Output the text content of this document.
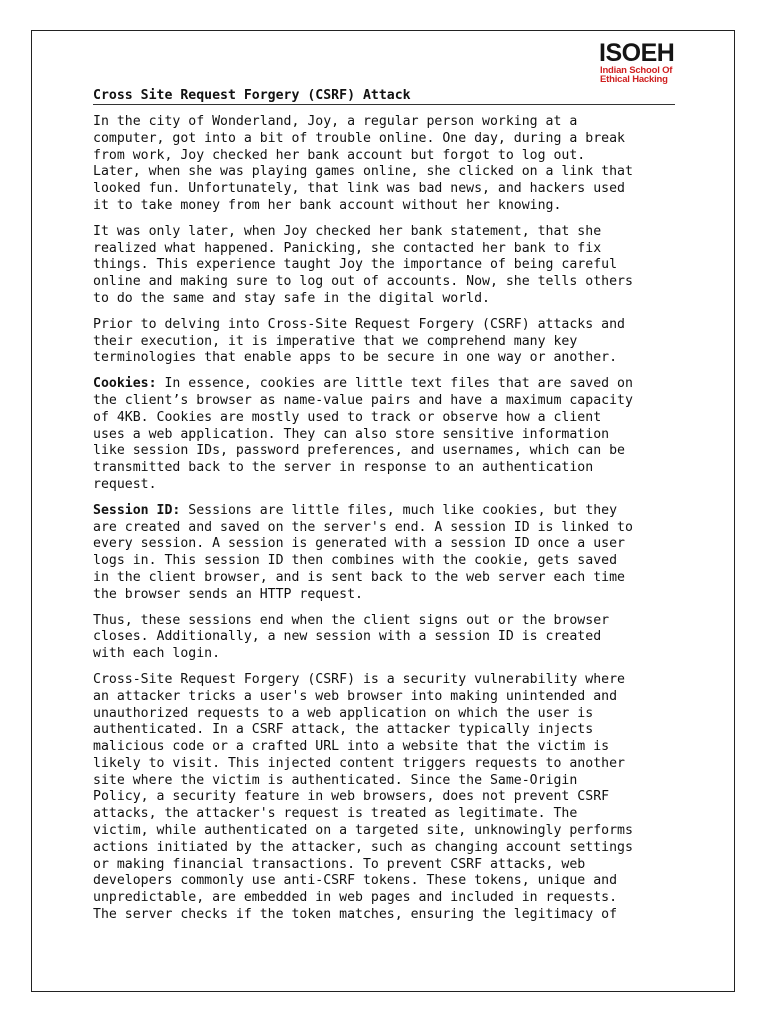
ISOEH
Indian School Of
Ethical Hacking
Cross Site Request Forgery (CSRF) Attack

In the city of Wonderland, Joy, a regular person working at a
computer, got into a bit of trouble online. One day, during a break
from work, Joy checked her bank account but forgot to log out.
Later, when she was playing games online, she clicked on a link that
looked fun. Unfortunately, that link was bad news, and hackers used
it to take money from her bank account without her knowing.

It was only later, when Joy checked her bank statement, that she
realized what happened. Panicking, she contacted her bank to fix
things. This experience taught Joy the importance of being careful
online and making sure to log out of accounts. Now, she tells others
to do the same and stay safe in the digital world.

Prior to delving into Cross-Site Request Forgery (CSRF) attacks and
their execution, it is imperative that we comprehend many key
terminologies that enable apps to be secure in one way or another.

Cookies: In essence, cookies are little text files that are saved on
the client’s browser as name-value pairs and have a maximum capacity
of 4KB. Cookies are mostly used to track or observe how a client
uses a web application. They can also store sensitive information
like session IDs, password preferences, and usernames, which can be
transmitted back to the server in response to an authentication
request.

Session ID: Sessions are little files, much like cookies, but they
are created and saved on the server's end. A session ID is linked to
every session. A session is generated with a session ID once a user
logs in. This session ID then combines with the cookie, gets saved
in the client browser, and is sent back to the web server each time
the browser sends an HTTP request.

Thus, these sessions end when the client signs out or the browser
closes. Additionally, a new session with a session ID is created
with each login.

Cross-Site Request Forgery (CSRF) is a security vulnerability where
an attacker tricks a user's web browser into making unintended and
unauthorized requests to a web application on which the user is
authenticated. In a CSRF attack, the attacker typically injects
malicious code or a crafted URL into a website that the victim is
likely to visit. This injected content triggers requests to another
site where the victim is authenticated. Since the Same-Origin
Policy, a security feature in web browsers, does not prevent CSRF
attacks, the attacker's request is treated as legitimate. The
victim, while authenticated on a targeted site, unknowingly performs
actions initiated by the attacker, such as changing account settings
or making financial transactions. To prevent CSRF attacks, web
developers commonly use anti-CSRF tokens. These tokens, unique and
unpredictable, are embedded in web pages and included in requests.
The server checks if the token matches, ensuring the legitimacy of
